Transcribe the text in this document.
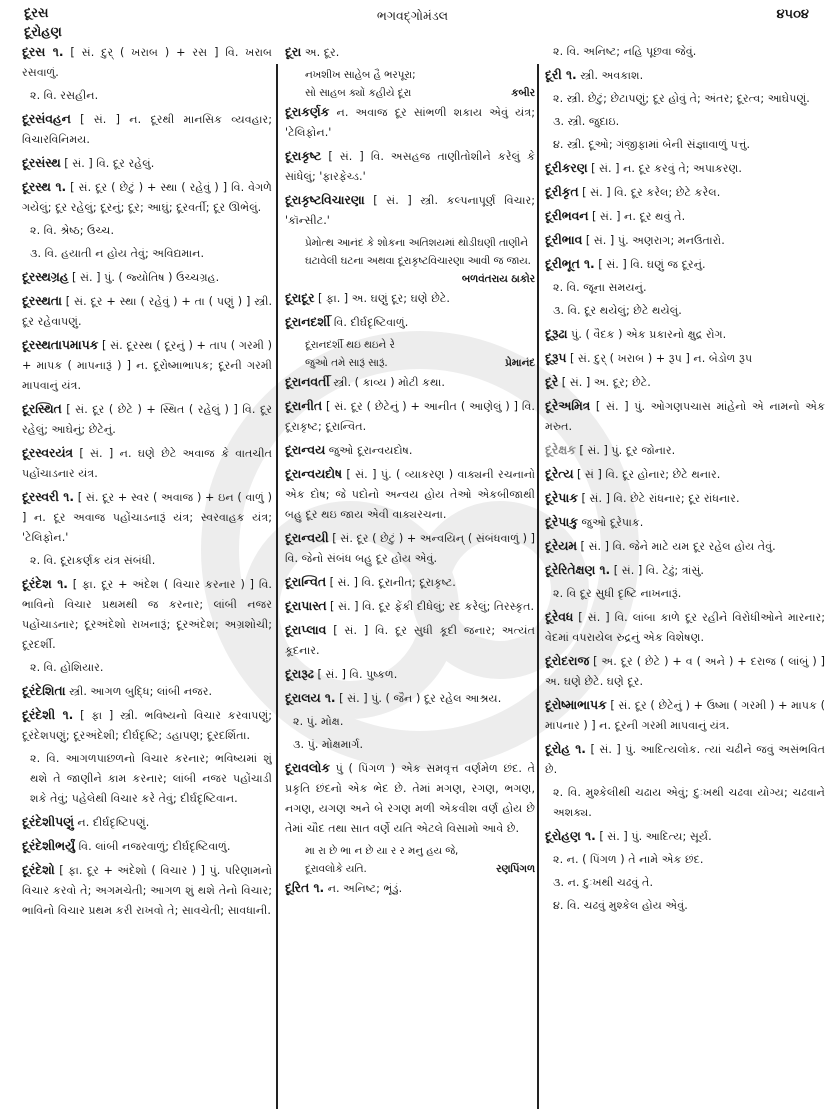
દૂરસ
દૂરોહણ
ભગવદ્ગોમંડલ	૪૫૦૪
દૂરસ ૧. [ સં. દુર્ ( ખરાબ ) + રસ ] વિ. ખરાબ રસવાળું.
૨. વિ. રસહીન.
દૂરસંવહન [ સં. ] ન. દૂરથી માનસિક વ્યવહાર; વિચારવિનિમય.
દૂરસંસ્થ [ સં. ] વિ. દૂર રહેલું.
દૂરસ્થ ૧. [ સં. દૂર ( છેટું ) + સ્થા ( રહેવું ) ] વિ. વેગળે ગયેલું; દૂર રહેલું; દૂરનું; દૂર; આઘું; દૂરવર્તી; દૂર ઊભેલું.
૨. વિ. શ્રેષ્ઠ; ઉચ્ચ.
૩. વિ. હયાતી ન હોય તેવું; અવિદ્યમાન.
દૂરસ્થગ્રહ [ સં. ] પું. ( જ્યોતિષ ) ઉચ્ચગ્રહ.
દૂરસ્થતા [ સં. દૂર + સ્થા ( રહેવું ) + તા ( પણું ) ] સ્ત્રી. દૂર રહેવાપણું.
દૂરસ્થતાપમાપક [ સં. દૂરસ્થ ( દૂરનું ) + તાપ ( ગરમી ) + માપક ( માપનારૂં ) ] ન. દૂરોષ્માભાપક; દૂરની ગરમી માપવાનું યંત્ર.
દૂરસ્થિત [ સં. દૂર ( છેટે ) + સ્થિત ( રહેલું ) ] વિ. દૂર રહેલું; આઘેનું; છેટેનું.
દૂરસ્વરયંત્ર [ સં. ] ન. ઘણે છેટે અવાજ કે વાતચીત પહોંચાડનાર યંત્ર.
દૂરસ્વરી ૧. [ સં. દૂર + સ્વર ( અવાજ ) + ઇન ( વાળું ) ] ન. દૂર અવાજ પહોંચાડનારૂં યંત્ર; સ્વરવાહક યંત્ર; 'ટેલિફોન.'
૨. વિ. દૂરાકર્ણક યંત્ર સંબંધી.
દૂરંદેશ ૧. [ ફા. દૂર + અંદેશ ( વિચાર કરનાર ) ] વિ. ભાવિનો વિચાર પ્રથમથી જ કરનાર; લાંબી નજર પહોંચાડનાર; દૂરઅંદેશો રાખનારૂં; દૂરઅંદેશ; અગ્રશોચી; દૂરદર્શી.
૨. વિ. હોશિયાર.
દૂરંદેશિતા સ્ત્રી. આગળ બુદ્ધિ; લાંબી નજર.
દૂરંદેશી ૧. [ ફા ] સ્ત્રી. ભવિષ્યનો વિચાર કરવાપણું; દૂરંદેશપણું; દૂરઅંદેશી; દીર્ઘદૃષ્ટિ; ડહાપણ; દૂરદર્શિતા.
૨. વિ. આગળપાછળનો વિચાર કરનાર; ભવિષ્યમાં શું થશે તે જાણીને કામ કરનાર; લાંબી નજર પહોંચાડી શકે તેવું; પહેલેથી વિચાર કરે તેવું; દીર્ઘદૃષ્ટિવાન.
દૂરંદેશીપણું ન. દીર્ઘદૃષ્ટિપણું.
દૂરંદેશીભર્યું વિ. લાંબી નજરવાળું; દીર્ઘદૃષ્ટિવાળું.
દૂરંદેશો [ ફા. દૂર + અંદેશો ( વિચાર ) ] પું. પરિણામનો વિચાર કરવો તે; અગમચેતી; આગળ શું થશે તેનો વિચાર; ભાવિનો વિચાર પ્રથમ કરી રાખવો તે; સાવચેતી; સાવધાની.
દૂરા અ. દૂર.
નખશીખ સાહેબ હૈ ભરપૂરા;
સો સાહબ ક્યોં કહીયે દૂરા	કબીર
દૂરાકર્ણક ન. અવાજ દૂર સાંભળી શકાય એવું યંત્ર; 'ટેલિફોન.'
દૂરાકૃષ્ટ [ સં. ] વિ. અસહજ તાણીતોશીને કરેલું કે સાંધેલું; 'ફારફેચ્ડ.'
દૂરાકૃષ્ટવિચારણા [ સં. ] સ્ત્રી. કલ્પનાપૂર્ણ વિચાર; 'કૉન્સીટ.'
પ્રેમોત્થ આનંદ કે શોકના અતિશયમાં થોડીઘણી તાણીને ઘટાવેલી ઘટના અથવા દૂરાકૃષ્ટવિચારણા આવી જ જાય.
બળવંતરાય ઠાકોર
દૂરાદૂર [ ફા. ] અ. ઘણું દૂર; ઘણે છેટે.
દૂરાનદર્શી વિ. દીર્ઘદૃષ્ટિવાળું.
દૂરાનદર્શી થઇ થઇને રે
જુઓ તમે સારૂં સારૂં.	પ્રેમાનંદ
દૂરાનવર્તી સ્ત્રી. ( કાવ્ય ) મોટી કથા.
દૂરાનીત [ સં. દૂર ( છેટેનું ) + આનીત ( આણેલું ) ] વિ. દૂરાકૃષ્ટ; દૂરાન્વિત.
દૂરાન્વય જુઓ દૂરાન્વયદોષ.
દૂરાન્વયદોષ [ સં. ] પું. ( વ્યાકરણ ) વાક્યની રચનાનો એક દોષ; જે પદોનો અન્વય હોય તેઓ એકબીજાથી બહુ દૂર થઇ જાય એવી વાક્યરચના.
દૂરાન્વયી [ સં. દૂર ( છેટું ) + અન્વયિન્ ( સંબંધવાળું ) ] વિ. જેનો સંબંધ બહુ દૂર હોય એવું.
દૂરાન્વિત [ સં. ] વિ. દૂરાનીત; દૂરાકૃષ્ટ.
દૂરાપાસ્ત [ સં. ] વિ. દૂર ફેંકી દીધેલું; રદ કરેલું; તિરસ્કૃત.
દૂરાપ્લાવ [ સં. ] વિ. દૂર સુધી કૂદી જનાર; અત્યંત કૂદનાર.
દૂરારૂઢ [ સં. ] વિ. પુષ્કળ.
દૂરાલય ૧. [ સં. ] પું. ( જૈન ) દૂર રહેલ આશ્રય.
૨. પું. મોક્ષ.
૩. પું. મોક્ષમાર્ગ.
દૂરાવલોક પું ( પિંગળ ) એક સમવૃત્ત વર્ણમેળ છંદ. તે પ્રકૃતિ છંદનો એક ભેદ છે. તેમાં મગણ, રગણ, ભગણ, નગણ, યગણ અને બે રગણ મળી એકવીશ વર્ણ હોય છે તેમાં ચૌદ તથા સાત વર્ણે યતિ એટલે વિસામો આવે છે.
મા રા છે ભા ન છે યા ર ર મનુ હય જે,
દૂરાવલોકે યતિ.	રણપિંગળ
દૂરિત ૧. ન. અનિષ્ટ; ભૂંડું.
૨. વિ. અનિષ્ટ; નહિ પૂછવા જેવું.
દૂરી ૧. સ્ત્રી. અવકાશ.
૨. સ્ત્રી. છેટું; છેટાપણું; દૂર હોવું તે; અંતર; દૂરત્વ; આઘેપણું.
૩. સ્ત્રી. જુદાઇ.
૪. સ્ત્રી. દૂઓ; ગંજીફામાં બેની સંજ્ઞાવાળું પત્તું.
દૂરીકરણ [ સં. ] ન. દૂર કરવું તે; અપાકરણ.
દૂરીકૃત [ સં. ] વિ. દૂર કરેલ; છેટે કરેલ.
દૂરીભવન [ સં. ] ન. દૂર થવું તે.
દૂરીભાવ [ સં. ] પું. અણરાગ; મનઉતારો.
દૂરીભૂત ૧. [ સં. ] વિ. ઘણું જ દૂરનું.
૨. વિ. જૂના સમયનું.
૩. વિ. દૂર થયેલું; છેટે થયેલું.
દૂરૂઢા પું. ( વૈદક ) એક પ્રકારનો ક્ષુદ્ર રોગ.
દૂરૂપ [ સં. દુર્ ( ખરાબ ) + રૂપ ] ન. બેડોળ રૂપ
દૂરે [ સં. ] અ. દૂર; છેટે.
દૂરેઅમિત્ર [ સં. ] પું. ઓગણપચાસ માંહેનો એ નામનો એક મરુત.
દૂરેક્ષક [ સં. ] પું. દૂર જોનાર.
દૂરેત્ય [ સં ] વિ. દૂર હોનાર; છેટે થનાર.
દૂરેપાક [ સં. ] વિ. છેટે રાંધનાર; દૂર રાંધનાર.
દૂરેપાકુ જુઓ દૂરેપાક.
દૂરેયમ [ સં. ] વિ. જેને માટે યમ દૂર રહેલ હોય તેવું.
દૂરેરિતેક્ષણ ૧. [ સં. ] વિ. ટેઢું; ત્રાંસું.
૨. વિ દૂર સુધી દૃષ્ટિ નાખનારૂં.
દૂરેવધ [ સં. ] વિ. લાંબા કાળે દૂર રહીને વિરોધીઓને મારનાર; વેદમાં વપરાયેલ રુદ્રનું એક વિશેષણ.
દૂરોદરાજ [ અ. દૂર ( છેટે ) + વ ( અને ) + દરાજ ( લાંબું ) ] અ. ઘણે છેટે. ઘણે દૂર.
દૂરોષ્માભાપક [ સં. દૂર ( છેટેનું ) + ઉષ્મા ( ગરમી ) + માપક ( માપનાર ) ] ન. દૂરની ગરમી માપવાનું યંત્ર.
દૂરોહ ૧. [ સં. ] પું. આદિત્યલોક. ત્યાં ચઢીને જવું અસંભવિત છે.
૨. વિ. મુશ્કેલીથી ચઢાય એવું; દુઃખથી ચઢવા યોગ્ય; ચઢવાને અશક્ય.
દૂરોહણ ૧. [ સં. ] પું. આદિત્ય; સૂર્ય.
૨. ન. ( પિંગળ ) તે નામે એક છંદ.
૩. ન. દુઃખથી ચઢવું તે.
૪. વિ. ચઢવું મુશ્કેલ હોય એવું.
